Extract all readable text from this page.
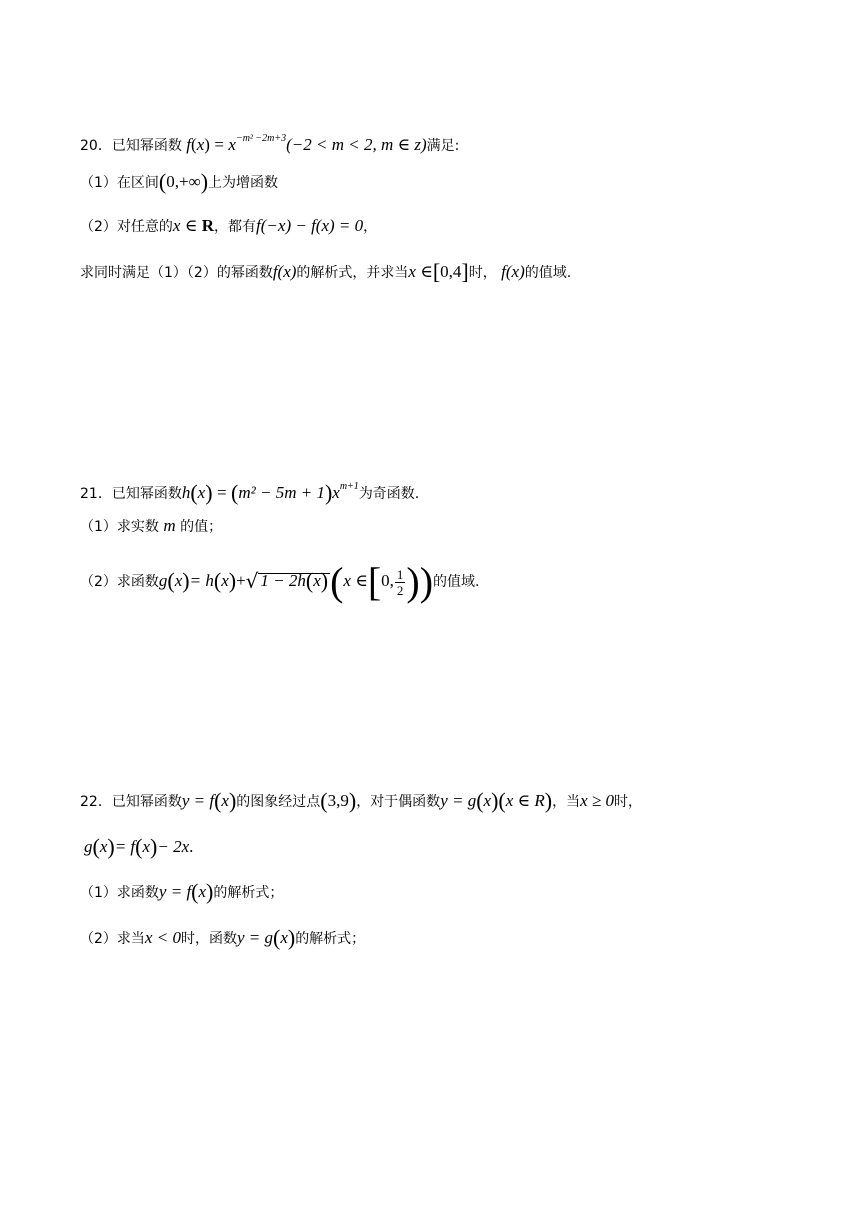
20．已知幂函数 $f(x) = x^{-m^2 -2m+3}(-2 < m < 2$, m ∈ z)满足:
（1）在区间(0,+∞)上为增函数
（2）对任意的x ∈ R，都有f(−x) − f(x) = 0，
求同时满足（1）（2）的幂函数f(x)的解析式，并求当x ∈[0,4]时， f(x)的值域.
21．已知幂函数$h(x) = (m^2 - 5m + 1)x^{m+1}$为奇函数.
（1）求实数 m 的值；
（2）求函数g(x)= h(x)+√ 1 − 2h(x)(x ∈[0, $\frac{1}{2}$ ))的值域.
22．已知幂函数y = f(x)的图象经过点(3,9)，对于偶函数y = g(x)(x ∈ R)，当x ≥ 0时，
g(x)= f(x)− 2x.
（1）求函数y = f(x)的解析式；
（2）求当x < 0时，函数y = g(x)的解析式；
